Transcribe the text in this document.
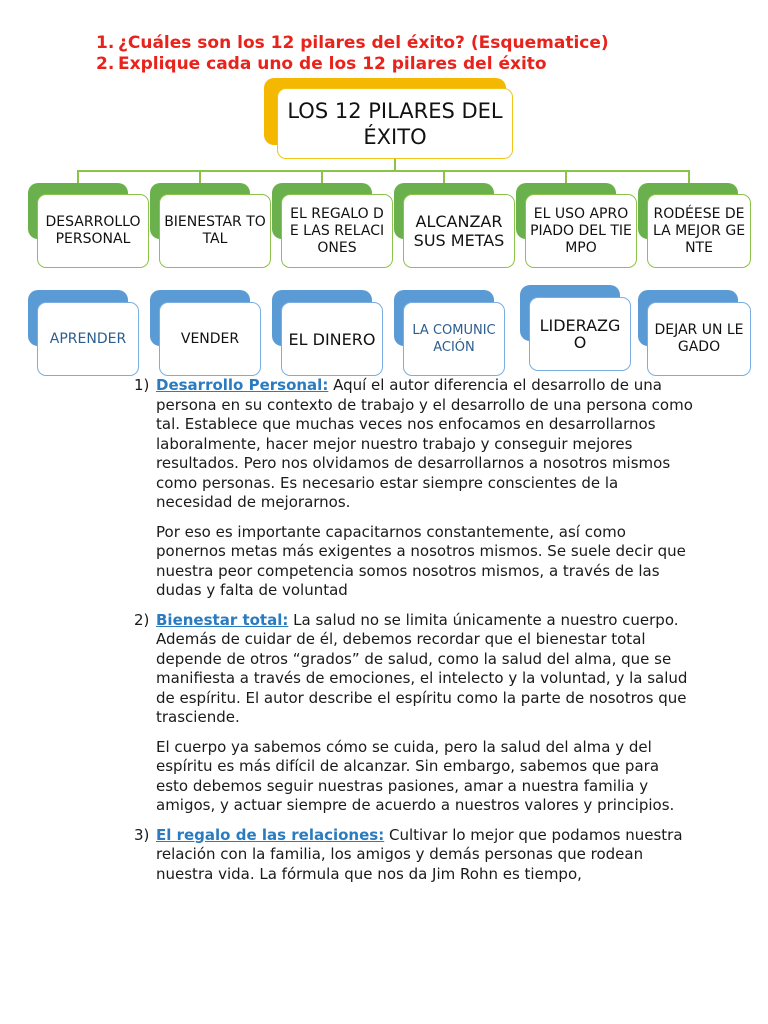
1. ¿Cuáles son los 12 pilares del éxito? (Esquematice)
2. Explique cada uno de los 12 pilares del éxito
LOS 12 PILARES DEL ÉXITO
DESARROLLO PERSONAL
BIENESTAR TOTAL
EL REGALO DE LAS RELACIONES
ALCANZAR SUS METAS
EL USO APROPIADO DEL TIEMPO
RODÉESE DE LA MEJOR GENTE
APRENDER	VENDER	EL DINERO	LA COMUNICACIÓN
LIDERAZGO
DEJAR UN LEGADO
1) Desarrollo Personal: Aquí el autor diferencia el desarrollo de una persona en su contexto de trabajo y el desarrollo de una persona como tal. Establece que muchas veces nos enfocamos en desarrollarnos laboralmente, hacer mejor nuestro trabajo y conseguir mejores resultados. Pero nos olvidamos de desarrollarnos a nosotros mismos como personas. Es necesario estar siempre conscientes de la necesidad de mejorarnos.

Por eso es importante capacitarnos constantemente, así como ponernos metas más exigentes a nosotros mismos. Se suele decir que nuestra peor competencia somos nosotros mismos, a través de las dudas y falta de voluntad

2) Bienestar total: La salud no se limita únicamente a nuestro cuerpo. Además de cuidar de él, debemos recordar que el bienestar total depende de otros “grados” de salud, como la salud del alma, que se manifiesta a través de emociones, el intelecto y la voluntad, y la salud de espíritu. El autor describe el espíritu como la parte de nosotros que trasciende.

El cuerpo ya sabemos cómo se cuida, pero la salud del alma y del espíritu es más difícil de alcanzar. Sin embargo, sabemos que para esto debemos seguir nuestras pasiones, amar a nuestra familia y amigos, y actuar siempre de acuerdo a nuestros valores y principios.

3) El regalo de las relaciones: Cultivar lo mejor que podamos nuestra relación con la familia, los amigos y demás personas que rodean nuestra vida. La fórmula que nos da Jim Rohn es tiempo,
